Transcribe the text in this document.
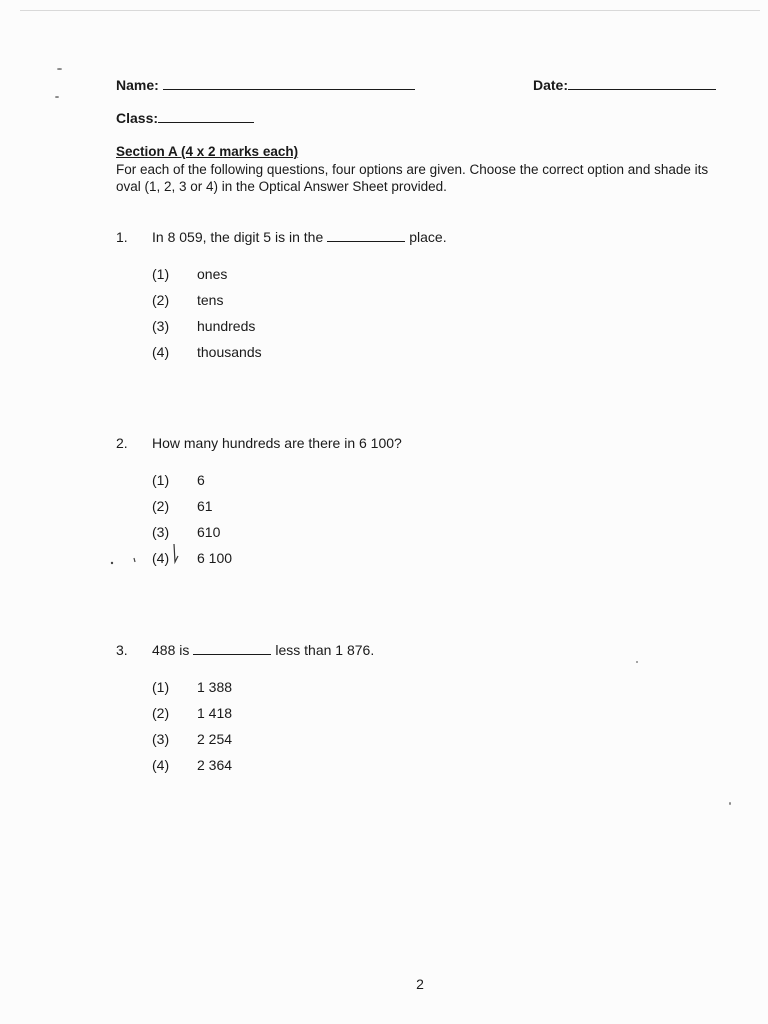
Name:	Date:
Class:
Section A (4 x 2 marks each)
For each of the following questions, four options are given. Choose the correct option and shade its oval (1, 2, 3 or 4) in the Optical Answer Sheet provided.
1. In 8 059, the digit 5 is in the	place.
(1) ones
(2) tens
(3) hundreds
(4) thousands
2. How many hundreds are there in 6 100?
(1) 6
(2) 61
(3) 610
(4) 6 100
3. 488 is	less than 1 876.
(1) 1 388
(2) 1 418
(3) 2 254
(4) 2 364
2
